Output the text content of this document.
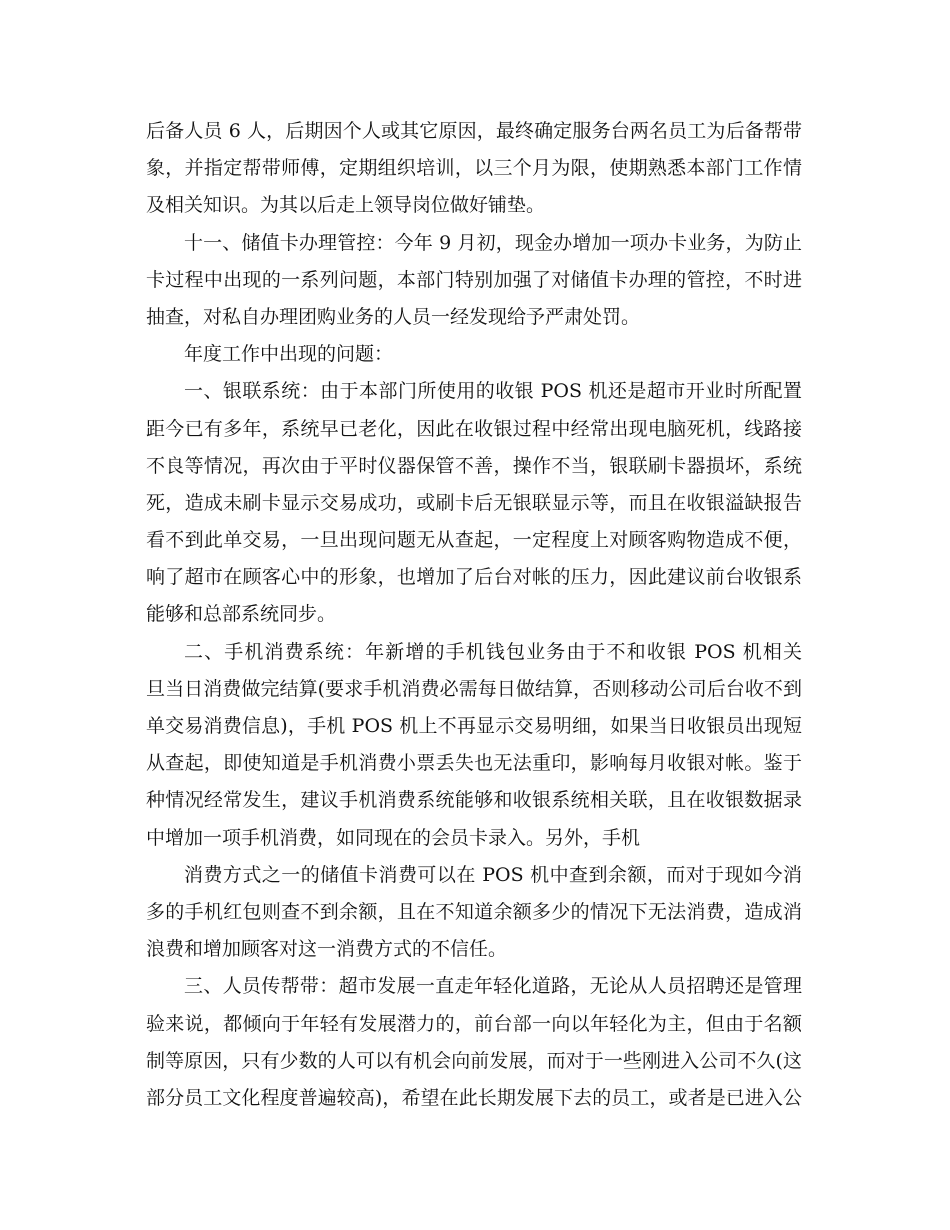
后备人员 6 人，后期因个人或其它原因，最终确定服务台两名员工为后备帮带
象，并指定帮带师傅，定期组织培训，以三个月为限，使期熟悉本部门工作情
及相关知识。为其以后走上领导岗位做好铺垫。
十一、储值卡办理管控：今年 9 月初，现金办增加一项办卡业务，为防止
卡过程中出现的一系列问题，本部门特别加强了对储值卡办理的管控，不时进
抽查，对私自办理团购业务的人员一经发现给予严肃处罚。
年度工作中出现的问题：
一、银联系统：由于本部门所使用的收银 POS 机还是超市开业时所配置
距今已有多年，系统早已老化，因此在收银过程中经常出现电脑死机，线路接
不良等情况，再次由于平时仪器保管不善，操作不当，银联刷卡器损坏，系统
死，造成未刷卡显示交易成功，或刷卡后无银联显示等，而且在收银溢缺报告
看不到此单交易，一旦出现问题无从查起，一定程度上对顾客购物造成不便，
响了超市在顾客心中的形象，也增加了后台对帐的压力，因此建议前台收银系
能够和总部系统同步。
二、手机消费系统：年新增的手机钱包业务由于不和收银 POS 机相关
旦当日消费做完结算(要求手机消费必需每日做结算，否则移动公司后台收不到
单交易消费信息)，手机 POS 机上不再显示交易明细，如果当日收银员出现短
从查起，即使知道是手机消费小票丢失也无法重印，影响每月收银对帐。鉴于
种情况经常发生，建议手机消费系统能够和收银系统相关联，且在收银数据录
中增加一项手机消费，如同现在的会员卡录入。另外，手机
消费方式之一的储值卡消费可以在 POS 机中查到余额，而对于现如今消
多的手机红包则查不到余额，且在不知道余额多少的情况下无法消费，造成消
浪费和增加顾客对这一消费方式的不信任。
三、人员传帮带：超市发展一直走年轻化道路，无论从人员招聘还是管理
验来说，都倾向于年轻有发展潜力的，前台部一向以年轻化为主，但由于名额
制等原因，只有少数的人可以有机会向前发展，而对于一些刚进入公司不久(这
部分员工文化程度普遍较高)，希望在此长期发展下去的员工，或者是已进入公
